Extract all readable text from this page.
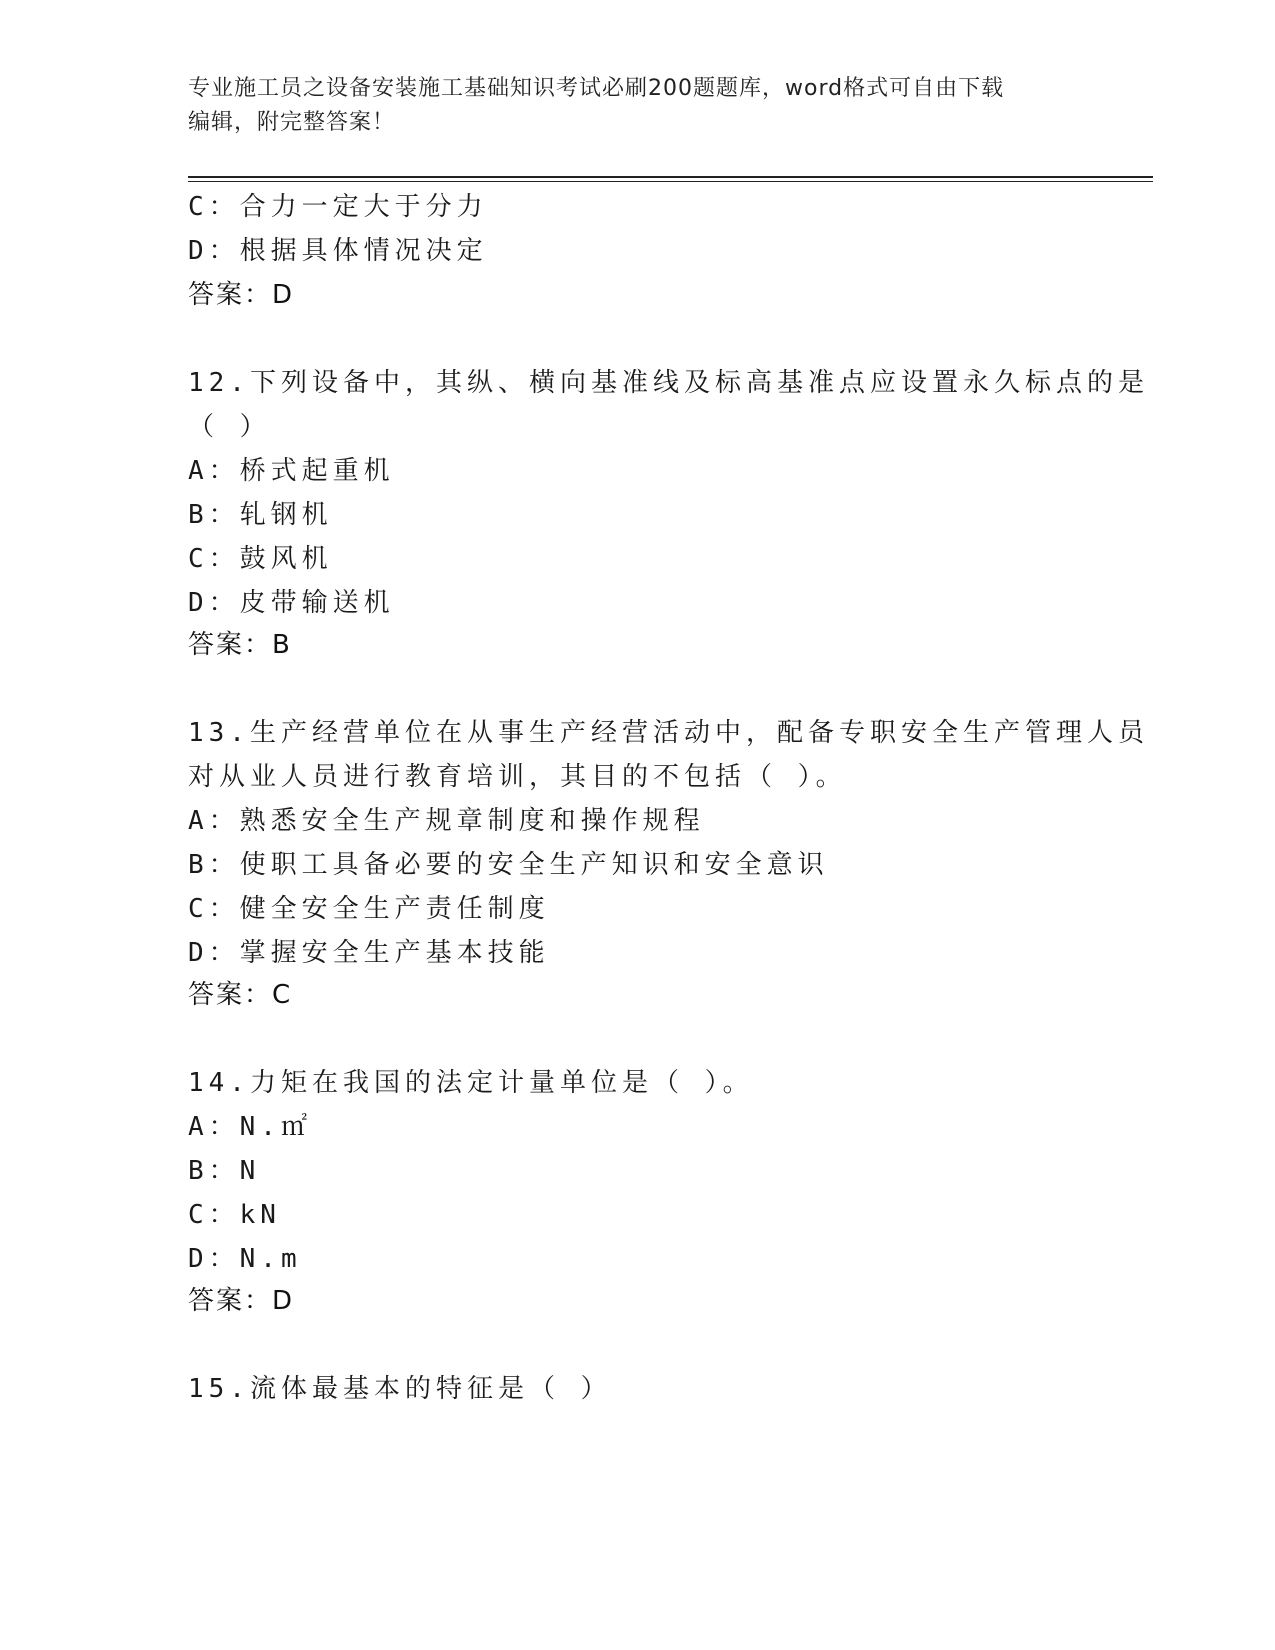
专业施工员之设备安装施工基础知识考试必刷200题题库，word格式可自由下载
编辑，附完整答案！
C：合力一定大于分力
D：根据具体情况决定
答案：D
12.下列设备中，其纵、横向基准线及标高基准点应设置永久标点的是
（ ）
A：桥式起重机
B：轧钢机
C：鼓风机
D：皮带输送机
答案：B
13.生产经营单位在从事生产经营活动中，配备专职安全生产管理人员
对从业人员进行教育培训，其目的不包括（ ）。
A：熟悉安全生产规章制度和操作规程
B：使职工具备必要的安全生产知识和安全意识
C：健全安全生产责任制度
D：掌握安全生产基本技能
答案：C
14.力矩在我国的法定计量单位是（ ）。
A：N.㎡
B：N
C：kN
D：N.m
答案：D
15.流体最基本的特征是（ ）
